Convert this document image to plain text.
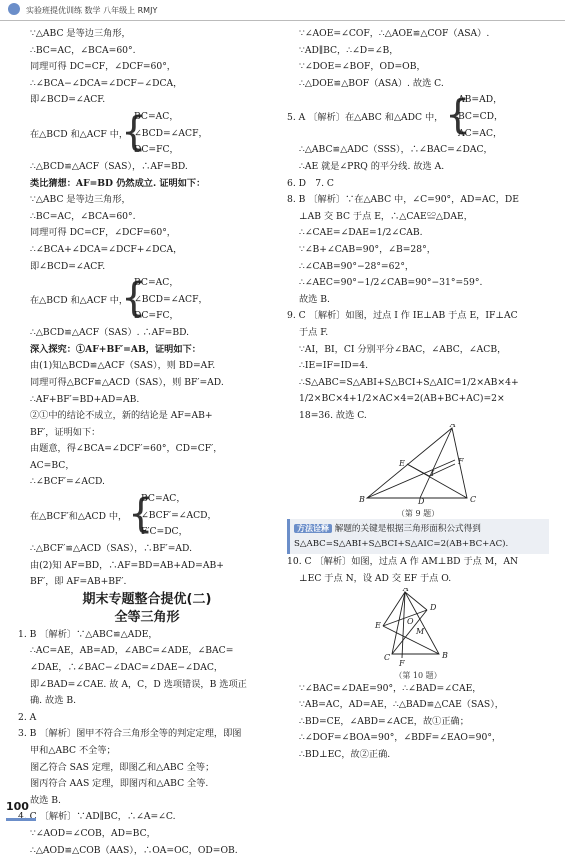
实验班提优训练 数学 八年级上 RMJY
∵△ABC 是等边三角形，
∴BC=AC，∠BCA=60°.
同理可得 DC=CF，∠DCF=60°，
∴∠BCA−∠DCA=∠DCF−∠DCA，
即∠BCD=∠ACF.
在△BCD 和△ACF 中，
{
BC=AC，
∠BCD=∠ACF，
DC=FC，
∴△BCD≌△ACF（SAS），∴AF=BD.
类比猜想：AF=BD 仍然成立. 证明如下：
∵△ABC 是等边三角形，
∴BC=AC，∠BCA=60°.
同理可得 DC=CF，∠DCF=60°，
∴∠BCA+∠DCA=∠DCF+∠DCA，
即∠BCD=∠ACF.
在△BCD 和△ACF 中，
{
BC=AC，
∠BCD=∠ACF，
DC=FC，
∴△BCD≌△ACF（SAS）. ∴AF=BD.
深入探究：①AF+BF′=AB，证明如下：
由(1)知△BCD≌△ACF（SAS），则 BD=AF.
同理可得△BCF≌△ACD（SAS），则 BF′=AD.
∴AF+BF′=BD+AD=AB.
②①中的结论不成立，新的结论是 AF=AB+
BF′，证明如下：
由题意，得∠BCA=∠DCF′=60°，CD=CF′，
AC=BC，
∴∠BCF′=∠ACD.
在△BCF′和△ACD 中， {
BC=AC，
∠BCF′=∠ACD，
F′C=DC，
∴△BCF′≌△ACD（SAS），∴BF′=AD.
由(2)知 AF=BD，∴AF=BD=AB+AD=AB+
BF′，即 AF=AB+BF′.
期末专题整合提优(二)
全等三角形
1. B 〔解析〕∵△ABC≌△ADE，
∴AC=AE，AB=AD，∠ABC=∠ADE，∠BAC=
∠DAE，∴∠BAC−∠DAC=∠DAE−∠DAC，
即∠BAD=∠CAE. 故 A，C，D 选项错误，B 选项正
确. 故选 B.
2. A
3. B 〔解析〕图甲不符合三角形全等的判定定理，即图
甲和△ABC 不全等；
图乙符合 SAS 定理，即图乙和△ABC 全等；
图丙符合 AAS 定理，即图丙和△ABC 全等.
故选 B.
4. C 〔解析〕∵AD∥BC，∴∠A=∠C.
∵∠AOD=∠COB，AD=BC，
∴△AOD≌△COB（AAS），∴OA=OC，OD=OB.
∵∠AOE=∠COF，∴△AOE≌△COF（ASA）.
∵AD∥BC，∴∠D=∠B，
∵∠DOE=∠BOF，OD=OB，
∴△DOE≌△BOF（ASA）. 故选 C.
5. A 〔解析〕在△ABC 和△ADC 中， {
AB=AD，
BC=CD，
AC=AC，
∴△ABC≌△ADC（SSS），∴∠BAC=∠DAC，
∴AE 就是∠PRQ 的平分线. 故选 A.
6. D　7. C
8. B 〔解析〕∵在△ABC 中，∠C=90°，AD=AC，DE
⊥AB 交 BC 于点 E，∴△CAE≌△DAE，
∴∠CAE=∠DAE=1/2∠CAB.
∵∠B+∠CAB=90°，∠B=28°，
∴∠CAB=90°−28°=62°，
∴∠AEC=90°−1/2∠CAB=90°−31°=59°.
故选 B.
9. C 〔解析〕如图，过点 I 作 IE⊥AB 于点 E，IF⊥AC
于点 F.
∵AI，BI，CI 分别平分∠BAC，∠ABC，∠ACB，
∴IE=IF=ID=4.
∴S△ABC=S△ABI+S△BCI+S△AIC=1/2×AB×4+
1/2×BC×4+1/2×AC×4=2(AB+BC+AC)=2×
18=36. 故选 C.
A
E	F
I
B	D	C
（第 9 题）
方法诠释 解题的关键是根据三角形面积公式得到
S△ABC=S△ABI+S△BCI+S△AIC=2(AB+BC+AC).
10. C 〔解析〕如图，过点 A 作 AM⊥BD 于点 M，AN
⊥EC 于点 N，设 AD 交 EF 于点 O.
A
D
E	O
M
B
C
F
（第 10 题）
∵∠BAC=∠DAE=90°，∴∠BAD=∠CAE，
∵AB=AC，AD=AE，∴△BAD≌△CAE（SAS），
∴BD=CE，∠ABD=∠ACE，故①正确；
∴∠DOF=∠BOA=90°，∠BDF=∠EAO=90°，
∴BD⊥EC，故②正确.
100
